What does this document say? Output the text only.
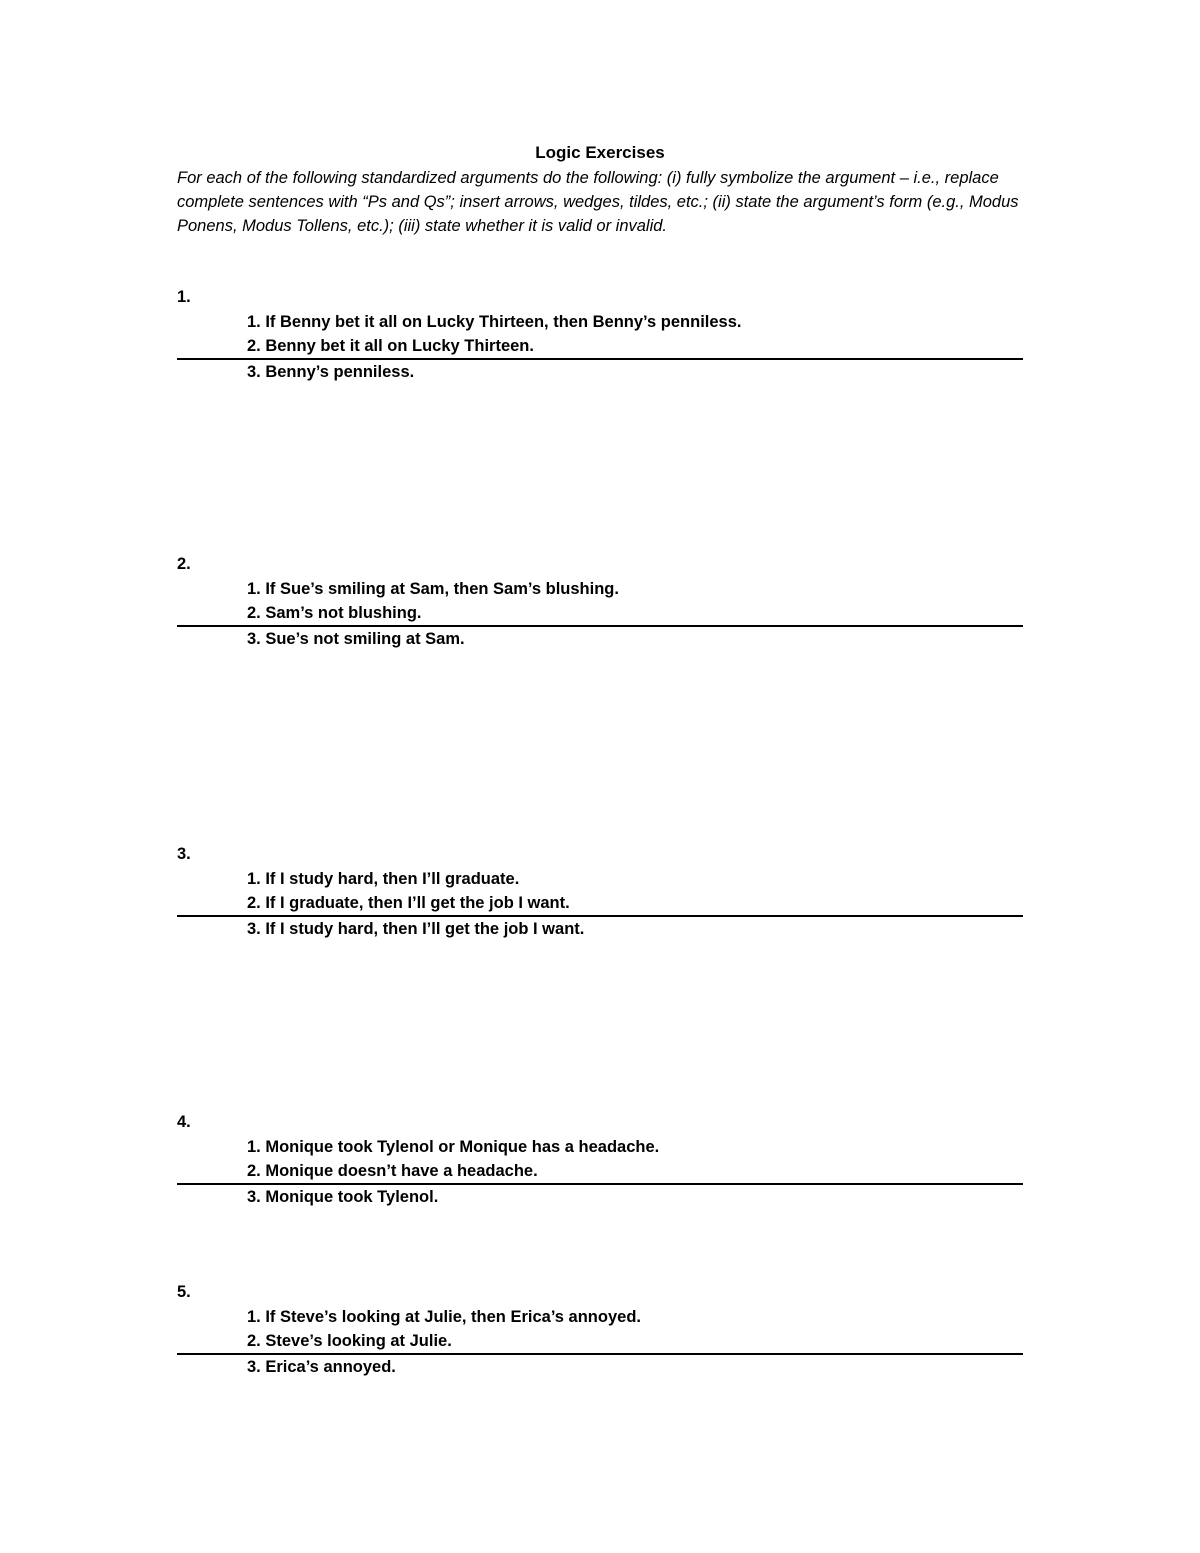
Logic Exercises

For each of the following standardized arguments do the following: (i) fully symbolize the argument – i.e., replace complete sentences with “Ps and Qs”; insert arrows, wedges, tildes, etc.; (ii) state the argument’s form (e.g., Modus Ponens, Modus Tollens, etc.); (iii) state whether it is valid or invalid.

1.
1. If Benny bet it all on Lucky Thirteen, then Benny’s penniless.
2. Benny bet it all on Lucky Thirteen.
3. Benny’s penniless.
2.
1. If Sue’s smiling at Sam, then Sam’s blushing.
2. Sam’s not blushing.
3. Sue’s not smiling at Sam.
3.
1. If I study hard, then I’ll graduate.
2. If I graduate, then I’ll get the job I want.
3. If I study hard, then I’ll get the job I want.
4.
1. Monique took Tylenol or Monique has a headache.
2. Monique doesn’t have a headache.
3. Monique took Tylenol.
5.
1. If Steve’s looking at Julie, then Erica’s annoyed.
2. Steve’s looking at Julie.
3. Erica’s annoyed.
